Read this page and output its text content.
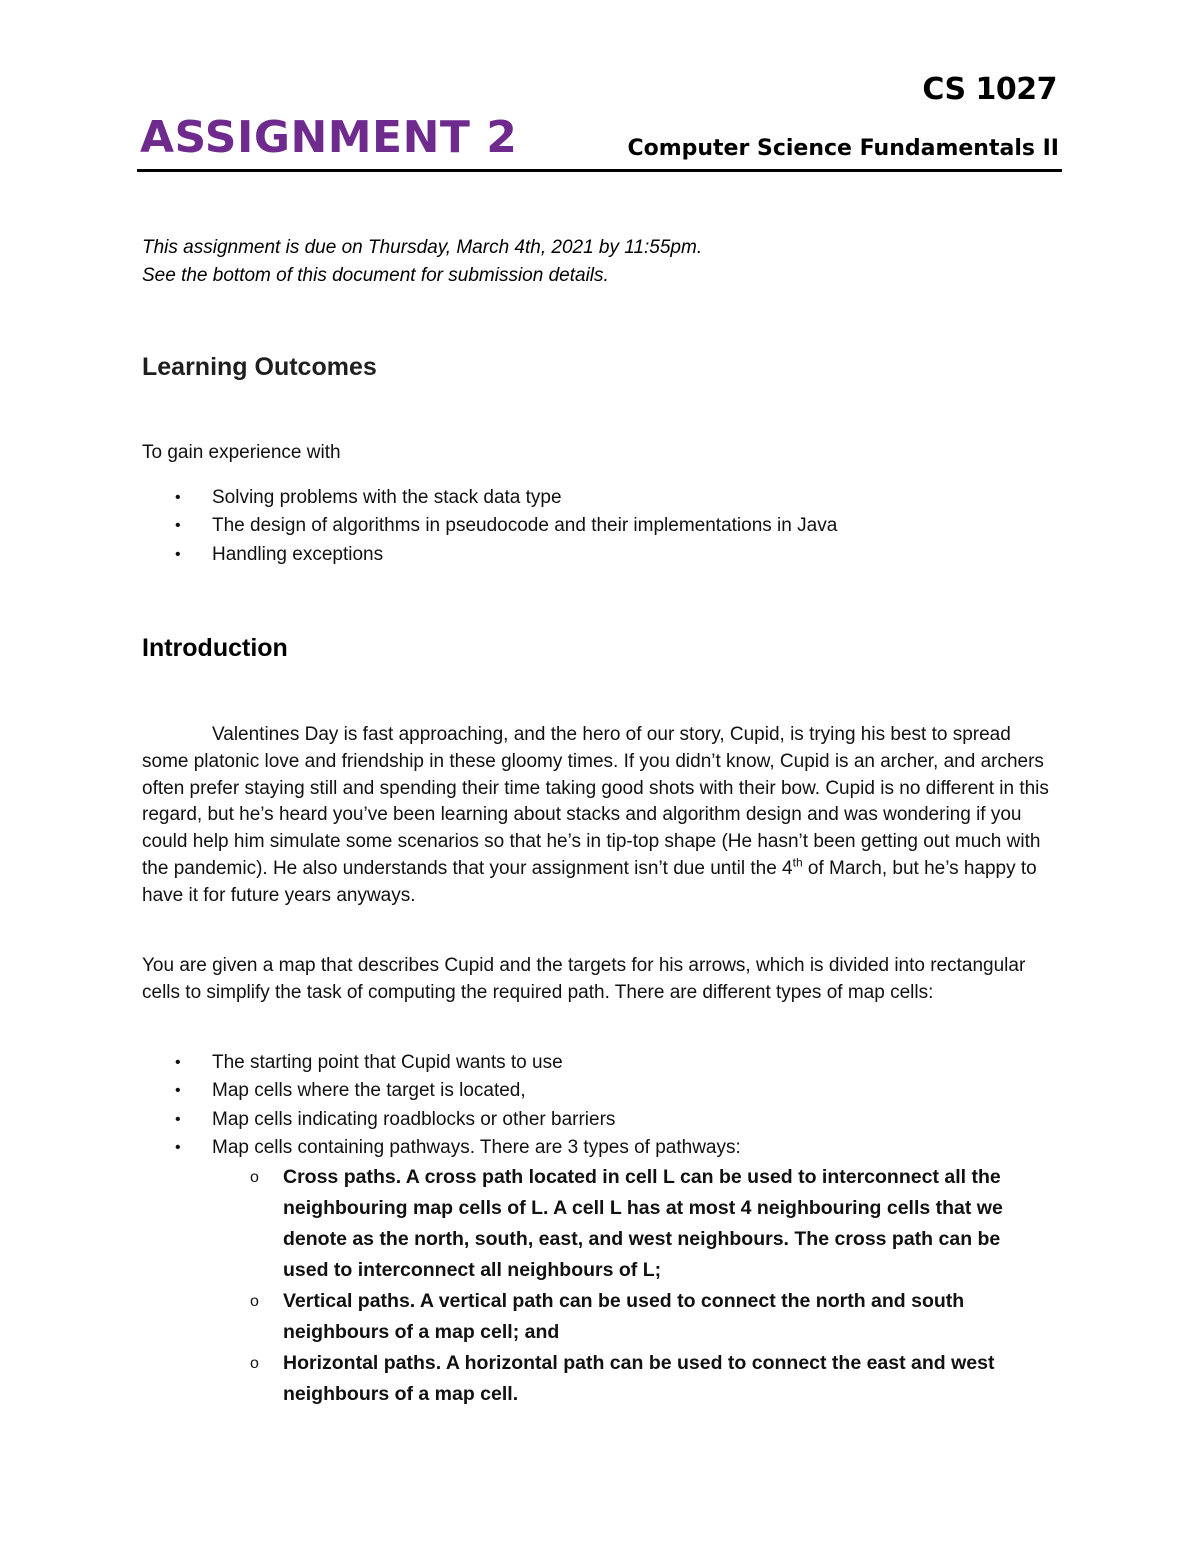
CS 1027
ASSIGNMENT 2	Computer Science Fundamentals II
This assignment is due on Thursday, March 4th, 2021 by 11:55pm.
See the bottom of this document for submission details.
Learning Outcomes
To gain experience with
• Solving problems with the stack data type
• The design of algorithms in pseudocode and their implementations in Java
• Handling exceptions
Introduction
Valentines Day is fast approaching, and the hero of our story, Cupid, is trying his best to spread some platonic love and friendship in these gloomy times. If you didn’t know, Cupid is an archer, and archers often prefer staying still and spending their time taking good shots with their bow. Cupid is no different in this regard, but he’s heard you’ve been learning about stacks and algorithm design and was wondering if you could help him simulate some scenarios so that he’s in tip-top shape (He hasn’t been getting out much with the pandemic). He also understands that your assignment isn’t due until the 4th of March, but he’s happy to have it for future years anyways.
You are given a map that describes Cupid and the targets for his arrows, which is divided into rectangular cells to simplify the task of computing the required path. There are different types of map cells:
• The starting point that Cupid wants to use
• Map cells where the target is located,
• Map cells indicating roadblocks or other barriers
• Map cells containing pathways. There are 3 types of pathways:
o Cross paths. A cross path located in cell L can be used to interconnect all the neighbouring map cells of L. A cell L has at most 4 neighbouring cells that we denote as the north, south, east, and west neighbours. The cross path can be used to interconnect all neighbours of L;
o Vertical paths. A vertical path can be used to connect the north and south neighbours of a map cell; and
o Horizontal paths. A horizontal path can be used to connect the east and west neighbours of a map cell.
